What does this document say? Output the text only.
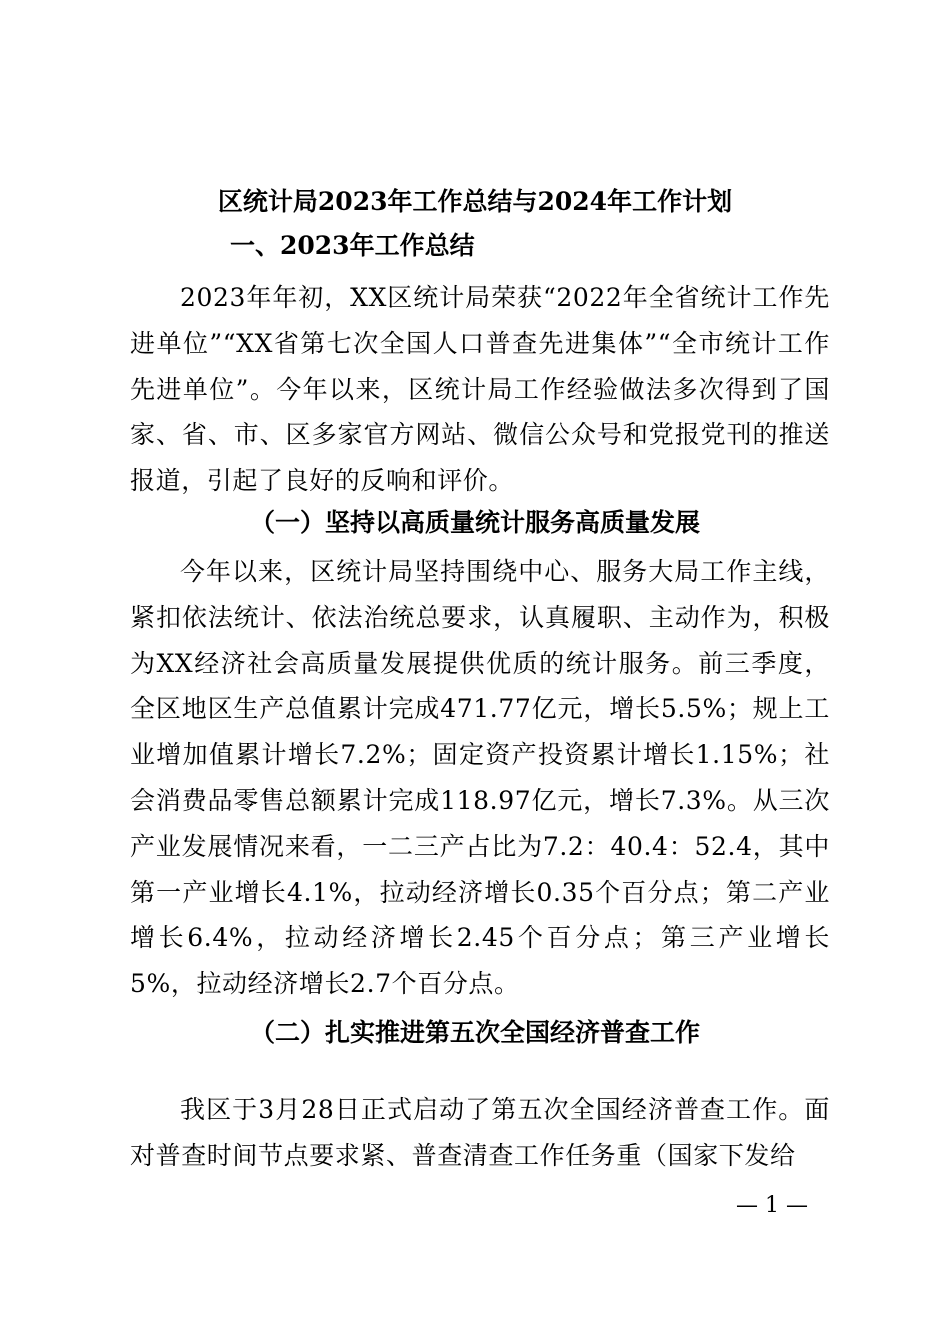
区统计局2023年工作总结与2024年工作计划
一、2023年工作总结

2023年年初，XX区统计局荣获“2022年全省统计工作先进单位”“XX省第七次全国人口普查先进集体”“全市统计工作先进单位”。今年以来，区统计局工作经验做法多次得到了国家、省、市、区多家官方网站、微信公众号和党报党刊的推送报道，引起了良好的反响和评价。

（一）坚持以高质量统计服务高质量发展

今年以来，区统计局坚持围绕中心、服务大局工作主线，紧扣依法统计、依法治统总要求，认真履职、主动作为，积极为XX经济社会高质量发展提供优质的统计服务。前三季度，全区地区生产总值累计完成471.77亿元，增长5.5%；规上工业增加值累计增长7.2%；固定资产投资累计增长1.15%；社会消费品零售总额累计完成118.97亿元，增长7.3%。从三次产业发展情况来看，一二三产占比为7.2：40.4：52.4，其中第一产业增长4.1%，拉动经济增长0.35个百分点；第二产业增长6.4%，拉动经济增长2.45个百分点；第三产业增长5%，拉动经济增长2.7个百分点。

（二）扎实推进第五次全国经济普查工作

我区于3月28日正式启动了第五次全国经济普查工作。面对普查时间节点要求紧、普查清查工作任务重（国家下发给

— 1 —
